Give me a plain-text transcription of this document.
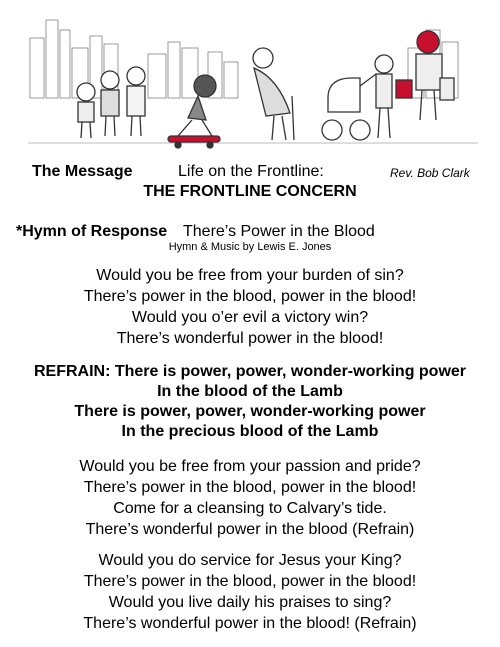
The Message	Life on the Frontline:	Rev. Bob Clark
THE FRONTLINE CONCERN
*Hymn of Response There’s Power in the Blood
Hymn & Music by Lewis E. Jones
Would you be free from your burden of sin?
There’s power in the blood, power in the blood!
Would you o’er evil a victory win?
There’s wonderful power in the blood!
REFRAIN: There is power, power, wonder-working power
In the blood of the Lamb
There is power, power, wonder-working power
In the precious blood of the Lamb
Would you be free from your passion and pride?
There’s power in the blood, power in the blood!
Come for a cleansing to Calvary’s tide.
There’s wonderful power in the blood (Refrain)
Would you do service for Jesus your King?
There’s power in the blood, power in the blood!
Would you live daily his praises to sing?
There’s wonderful power in the blood! (Refrain)
